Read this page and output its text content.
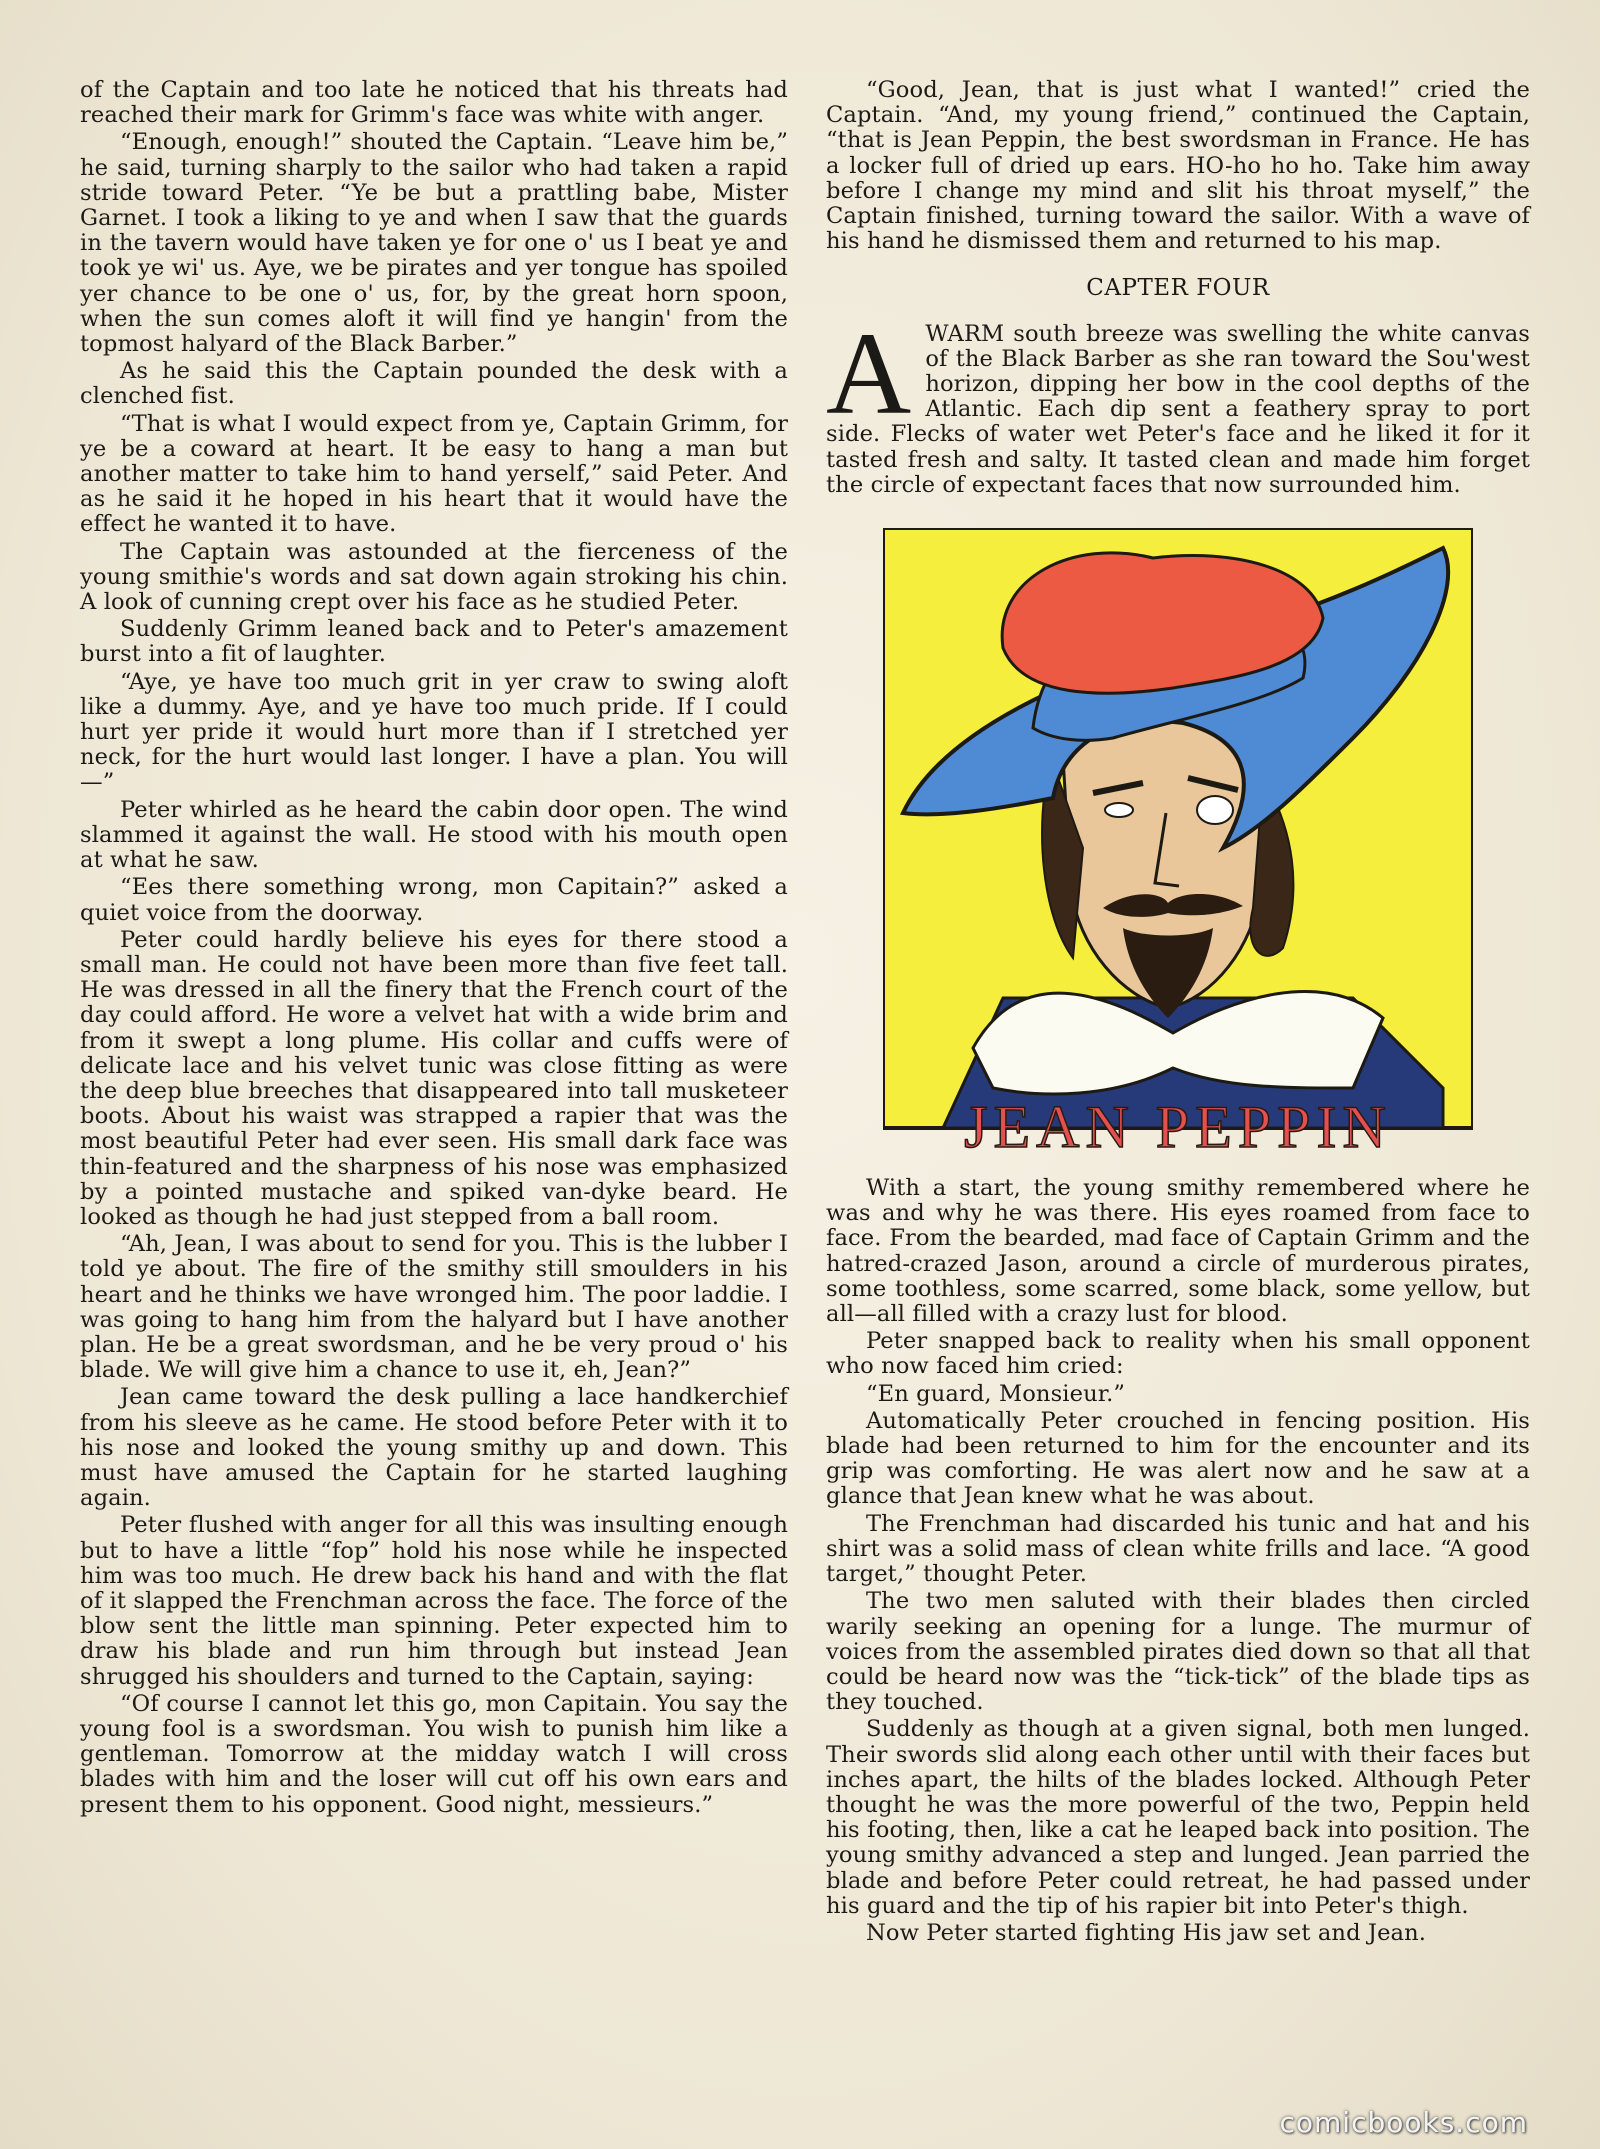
of the Captain and too late he noticed that his threats had reached their mark for Grimm's face was white with anger.

“Enough, enough!” shouted the Captain. “Leave him be,” he said, turning sharply to the sailor who had taken a rapid stride toward Peter. “Ye be but a prattling babe, Mister Garnet. I took a liking to ye and when I saw that the guards in the tavern would have taken ye for one o' us I beat ye and took ye wi' us. Aye, we be pirates and yer tongue has spoiled yer chance to be one o' us, for, by the great horn spoon, when the sun comes aloft it will find ye hangin' from the topmost halyard of the Black Barber.”

As he said this the Captain pounded the desk with a clenched fist.

“That is what I would expect from ye, Captain Grimm, for ye be a coward at heart. It be easy to hang a man but another matter to take him to hand yerself,” said Peter. And as he said it he hoped in his heart that it would have the effect he wanted it to have.

The Captain was astounded at the fierceness of the young smithie's words and sat down again stroking his chin. A look of cunning crept over his face as he studied Peter.

Suddenly Grimm leaned back and to Peter's amazement burst into a fit of laughter.

“Aye, ye have too much grit in yer craw to swing aloft like a dummy. Aye, and ye have too much pride. If I could hurt yer pride it would hurt more than if I stretched yer neck, for the hurt would last longer. I have a plan. You will—”

Peter whirled as he heard the cabin door open. The wind slammed it against the wall. He stood with his mouth open at what he saw.

“Ees there something wrong, mon Capitain?” asked a quiet voice from the doorway.

Peter could hardly believe his eyes for there stood a small man. He could not have been more than five feet tall. He was dressed in all the finery that the French court of the day could afford. He wore a velvet hat with a wide brim and from it swept a long plume. His collar and cuffs were of delicate lace and his velvet tunic was close fitting as were the deep blue breeches that disappeared into tall musketeer boots. About his waist was strapped a rapier that was the most beautiful Peter had ever seen. His small dark face was thin-featured and the sharpness of his nose was emphasized by a pointed mustache and spiked van-dyke beard. He looked as though he had just stepped from a ball room.

“Ah, Jean, I was about to send for you. This is the lubber I told ye about. The fire of the smithy still smoulders in his heart and he thinks we have wronged him. The poor laddie. I was going to hang him from the halyard but I have another plan. He be a great swordsman, and he be very proud o' his blade. We will give him a chance to use it, eh, Jean?”

Jean came toward the desk pulling a lace handkerchief from his sleeve as he came. He stood before Peter with it to his nose and looked the young smithy up and down. This must have amused the Captain for he started laughing again.

Peter flushed with anger for all this was insulting enough but to have a little “fop” hold his nose while he inspected him was too much. He drew back his hand and with the flat of it slapped the Frenchman across the face. The force of the blow sent the little man spinning. Peter expected him to draw his blade and run him through but instead Jean shrugged his shoulders and turned to the Captain, saying:

“Of course I cannot let this go, mon Capitain. You say the young fool is a swordsman. You wish to punish him like a gentleman. Tomorrow at the midday watch I will cross blades with him and the loser will cut off his own ears and present them to his opponent. Good night, messieurs.”

“Good, Jean, that is just what I wanted!” cried the Captain. “And, my young friend,” continued the Captain, “that is Jean Peppin, the best swordsman in France. He has a locker full of dried up ears. HO-ho ho ho. Take him away before I change my mind and slit his throat myself,” the Captain finished, turning toward the sailor. With a wave of his hand he dismissed them and returned to his map.

CAPTER FOUR

AWARM south breeze was swelling the white canvas of the Black Barber as she ran toward the Sou'west horizon, dipping her bow in the cool depths of the Atlantic. Each dip sent a feathery spray to port side. Flecks of water wet Peter's face and he liked it for it tasted fresh and salty. It tasted clean and made him forget the circle of expectant faces that now surrounded him.

JEAN PEPPIN

With a start, the young smithy remembered where he was and why he was there. His eyes roamed from face to face. From the bearded, mad face of Captain Grimm and the hatred-crazed Jason, around a circle of murderous pirates, some toothless, some scarred, some black, some yellow, but all—all filled with a crazy lust for blood.

Peter snapped back to reality when his small opponent who now faced him cried:

“En guard, Monsieur.”

Automatically Peter crouched in fencing position. His blade had been returned to him for the encounter and its grip was comforting. He was alert now and he saw at a glance that Jean knew what he was about.

The Frenchman had discarded his tunic and hat and his shirt was a solid mass of clean white frills and lace. “A good target,” thought Peter.

The two men saluted with their blades then circled warily seeking an opening for a lunge. The murmur of voices from the assembled pirates died down so that all that could be heard now was the “tick-tick” of the blade tips as they touched.

Suddenly as though at a given signal, both men lunged. Their swords slid along each other until with their faces but inches apart, the hilts of the blades locked. Although Peter thought he was the more powerful of the two, Peppin held his footing, then, like a cat he leaped back into position. The young smithy advanced a step and lunged. Jean parried the blade and before Peter could retreat, he had passed under his guard and the tip of his rapier bit into Peter's thigh.

Now Peter started fighting His jaw set and Jean.

comicbooks.com
